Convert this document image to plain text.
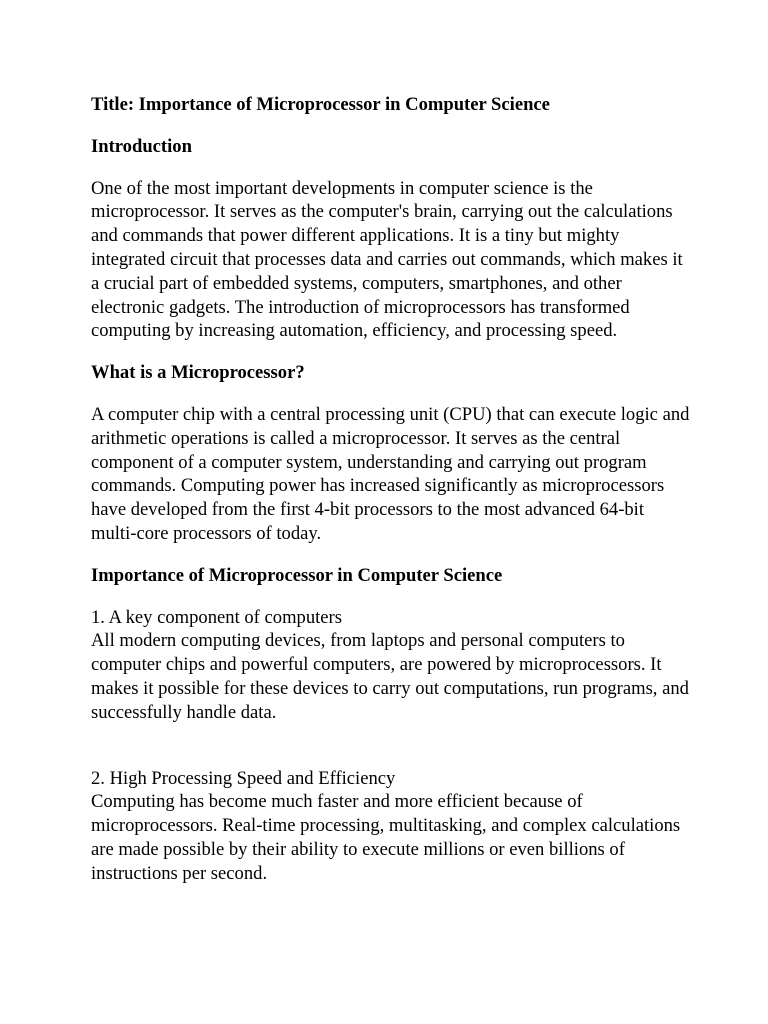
Title: Importance of Microprocessor in Computer Science

Introduction

One of the most important developments in computer science is the microprocessor. It serves as the computer's brain, carrying out the calculations and commands that power different applications. It is a tiny but mighty integrated circuit that processes data and carries out commands, which makes it a crucial part of embedded systems, computers, smartphones, and other electronic gadgets. The introduction of microprocessors has transformed computing by increasing automation, efficiency, and processing speed.

What is a Microprocessor?

A computer chip with a central processing unit (CPU) that can execute logic and arithmetic operations is called a microprocessor. It serves as the central component of a computer system, understanding and carrying out program commands. Computing power has increased significantly as microprocessors have developed from the first 4-bit processors to the most advanced 64-bit multi-core processors of today.

Importance of Microprocessor in Computer Science

1. A key component of computers
All modern computing devices, from laptops and personal computers to computer chips and powerful computers, are powered by microprocessors. It makes it possible for these devices to carry out computations, run programs, and successfully handle data.
2. High Processing Speed and Efficiency
Computing has become much faster and more efficient because of microprocessors. Real-time processing, multitasking, and complex calculations are made possible by their ability to execute millions or even billions of instructions per second.
